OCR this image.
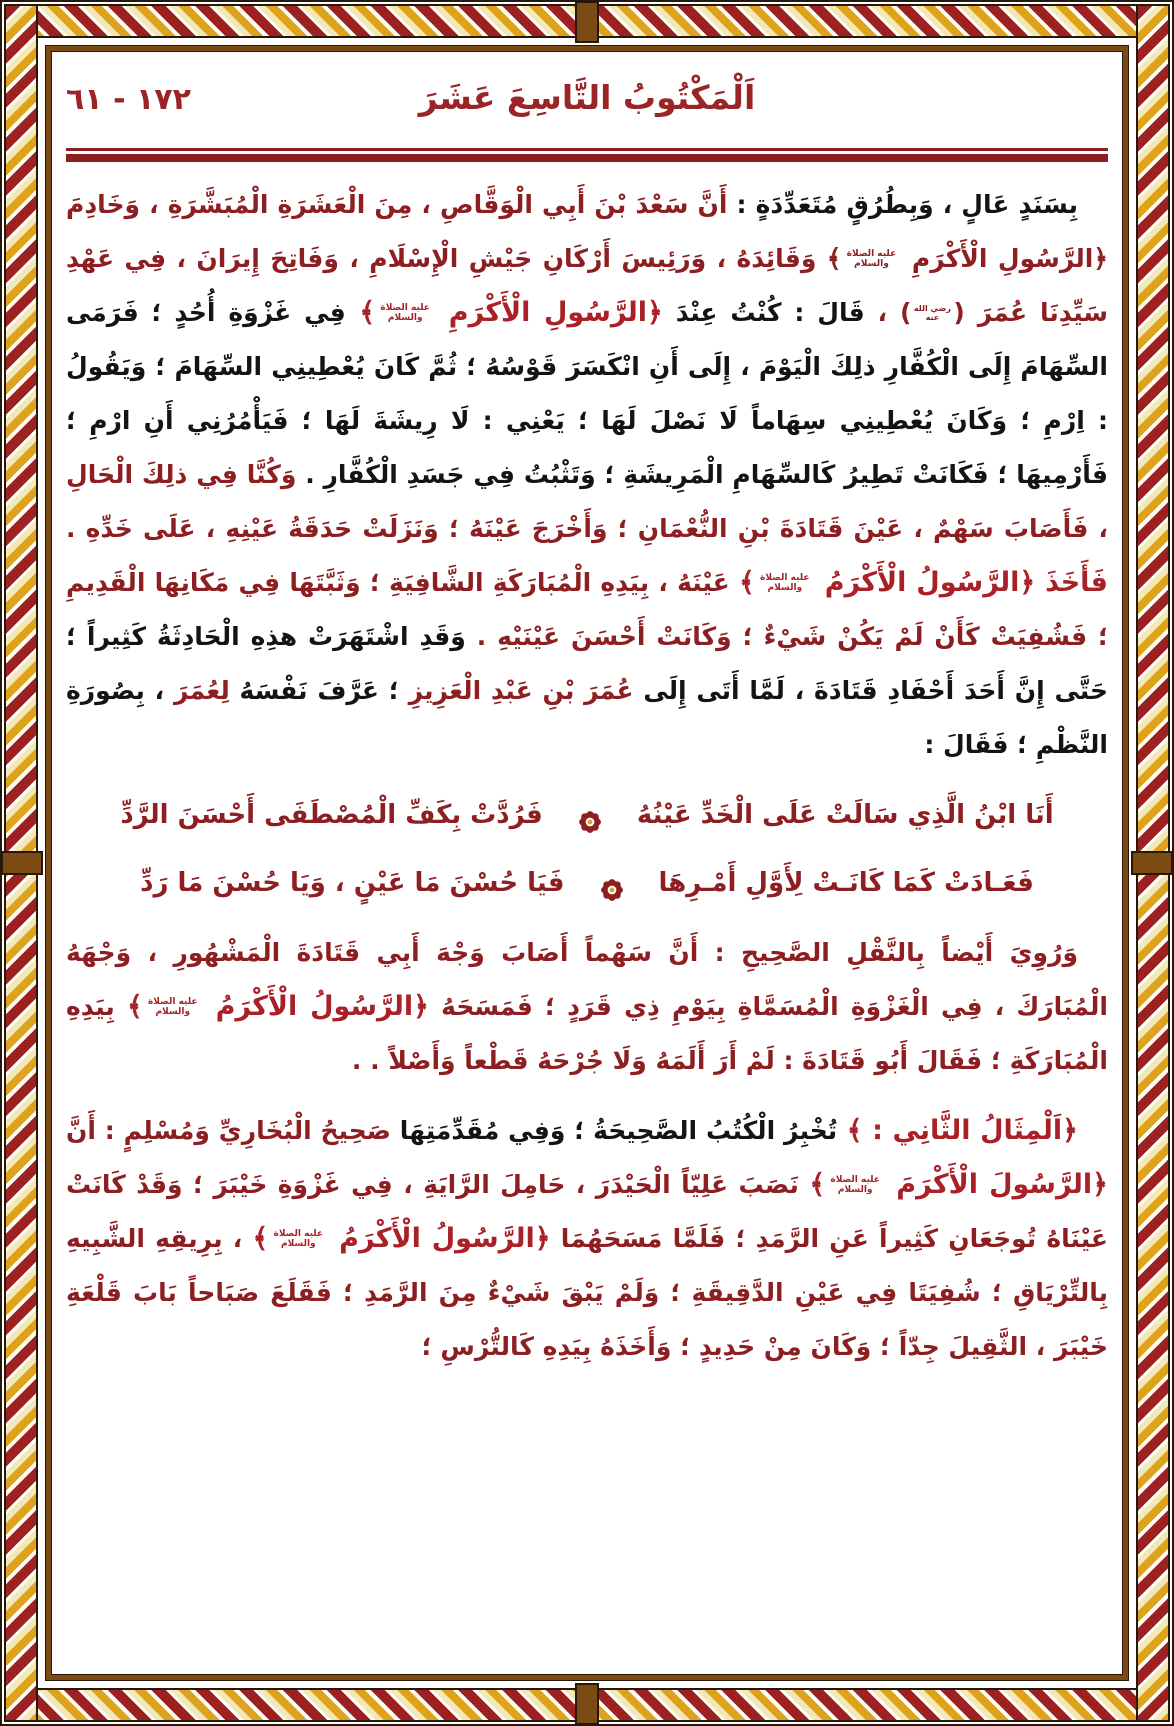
١٧٢ - ٦١	اَلْمَكْتُوبُ التَّاسِعَ عَشَرَ

بِسَنَدٍ عَالٍ ، وَبِطُرُقٍ مُتَعَدِّدَةٍ : أَنَّ سَعْدَ بْنَ أَبِي الْوَقَّاصِ ، مِنَ الْعَشَرَةِ الْمُبَشَّرَةِ ، وَخَادِمَ ﴿الرَّسُولِ الْأَكْرَمِ عليه الصلاة والسلام﴾ وَقَائِدَهُ ، وَرَئِيسَ أَرْكَانِ جَيْشِ الْإِسْلَامِ ، وَفَاتِحَ إِيرَانَ ، فِي عَهْدِ سَيِّدِنَا عُمَرَ (رضي الله عنه) ، قَالَ : كُنْتُ عِنْدَ ﴿الرَّسُولِ الْأَكْرَمِ عليه الصلاة والسلام﴾ فِي غَزْوَةِ أُحُدٍ ؛ فَرَمَى السِّهَامَ إِلَى الْكُفَّارِ ذلِكَ الْيَوْمَ ، إِلَى أَنِ انْكَسَرَ قَوْسُهُ ؛ ثُمَّ كَانَ يُعْطِينِي السِّهَامَ ؛ وَيَقُولُ : اِرْمِ ؛ وَكَانَ يُعْطِينِي سِهَاماً لَا نَصْلَ لَهَا ؛ يَعْنِي : لَا رِيشَةَ لَهَا ؛ فَيَأْمُرُنِي أَنِ ارْمِ ؛ فَأَرْمِيهَا ؛ فَكَانَتْ تَطِيرُ كَالسِّهَامِ الْمَرِيشَةِ ؛ وَتَثْبُتُ فِي جَسَدِ الْكُفَّارِ . وَكُنَّا فِي ذلِكَ الْحَالِ ، فَأَصَابَ سَهْمٌ ، عَيْنَ قَتَادَةَ بْنِ النُّعْمَانِ ؛ وَأَخْرَجَ عَيْنَهُ ؛ وَنَزَلَتْ حَدَقَةُ عَيْنِهِ ، عَلَى خَدِّهِ . فَأَخَذَ ﴿الرَّسُولُ الْأَكْرَمُ عليه الصلاة والسلام﴾ عَيْنَهُ ، بِيَدِهِ الْمُبَارَكَةِ الشَّافِيَةِ ؛ وَثَبَّتَهَا فِي مَكَانِهَا الْقَدِيمِ ؛ فَشُفِيَتْ كَأَنْ لَمْ يَكُنْ شَيْءٌ ؛ وَكَانَتْ أَحْسَنَ عَيْنَيْهِ . وَقَدِ اشْتَهَرَتْ هذِهِ الْحَادِثَةُ كَثِيراً ؛ حَتَّى إِنَّ أَحَدَ أَحْفَادِ قَتَادَةَ ، لَمَّا أَتَى إِلَى عُمَرَ بْنِ عَبْدِ الْعَزِيزِ ؛ عَرَّفَ نَفْسَهُ لِعُمَرَ ، بِصُورَةِ النَّظْمِ ؛ فَقَالَ :

أَنَا ابْنُ الَّذِي سَالَتْ عَلَى الْخَدِّ عَيْنُهُ
فَرُدَّتْ بِكَفِّ الْمُصْطَفَى أَحْسَنَ الرَّدِّ
فَعَـادَتْ كَمَا كَانَـتْ لِأَوَّلِ أَمْـرِهَا
فَيَا حُسْنَ مَا عَيْنٍ ، وَيَا حُسْنَ مَا رَدِّ

وَرُوِيَ أَيْضاً بِالنَّقْلِ الصَّحِيحِ : أَنَّ سَهْماً أَصَابَ وَجْهَ أَبِي قَتَادَةَ الْمَشْهُورِ ، وَجْهَهُ الْمُبَارَكَ ، فِي الْغَزْوَةِ الْمُسَمَّاةِ بِيَوْمِ ذِي قَرَدٍ ؛ فَمَسَحَهُ ﴿الرَّسُولُ الْأَكْرَمُ عليه الصلاة والسلام﴾ بِيَدِهِ الْمُبَارَكَةِ ؛ فَقَالَ أَبُو قَتَادَةَ : لَمْ أَرَ أَلَمَهُ وَلَا جُرْحَهُ قَطْعاً وَأَصْلاً . .

﴿اَلْمِثَالُ الثَّانِي : ﴾ تُخْبِرُ الْكُتُبُ الصَّحِيحَةُ ؛ وَفِي مُقَدِّمَتِهَا صَحِيحُ الْبُخَارِيِّ وَمُسْلِمٍ : أَنَّ ﴿الرَّسُولَ الْأَكْرَمَ عليه الصلاة والسلام﴾ نَصَبَ عَلِيّاً الْحَيْدَرَ ، حَامِلَ الرَّايَةِ ، فِي غَزْوَةِ خَيْبَرَ ؛ وَقَدْ كَانَتْ عَيْنَاهُ تُوجَعَانِ كَثِيراً عَنِ الرَّمَدِ ؛ فَلَمَّا مَسَحَهُمَا ﴿الرَّسُولُ الْأَكْرَمُ عليه الصلاة والسلام﴾ ، بِرِيقِهِ الشَّبِيهِ بِالتِّرْيَاقِ ؛ شُفِيَتَا فِي عَيْنِ الدَّقِيقَةِ ؛ وَلَمْ يَبْقَ شَيْءٌ مِنَ الرَّمَدِ ؛ فَقَلَعَ صَبَاحاً بَابَ قَلْعَةِ خَيْبَرَ ، الثَّقِيلَ جِدّاً ؛ وَكَانَ مِنْ حَدِيدٍ ؛ وَأَخَذَهُ بِيَدِهِ كَالتُّرْسِ ؛
